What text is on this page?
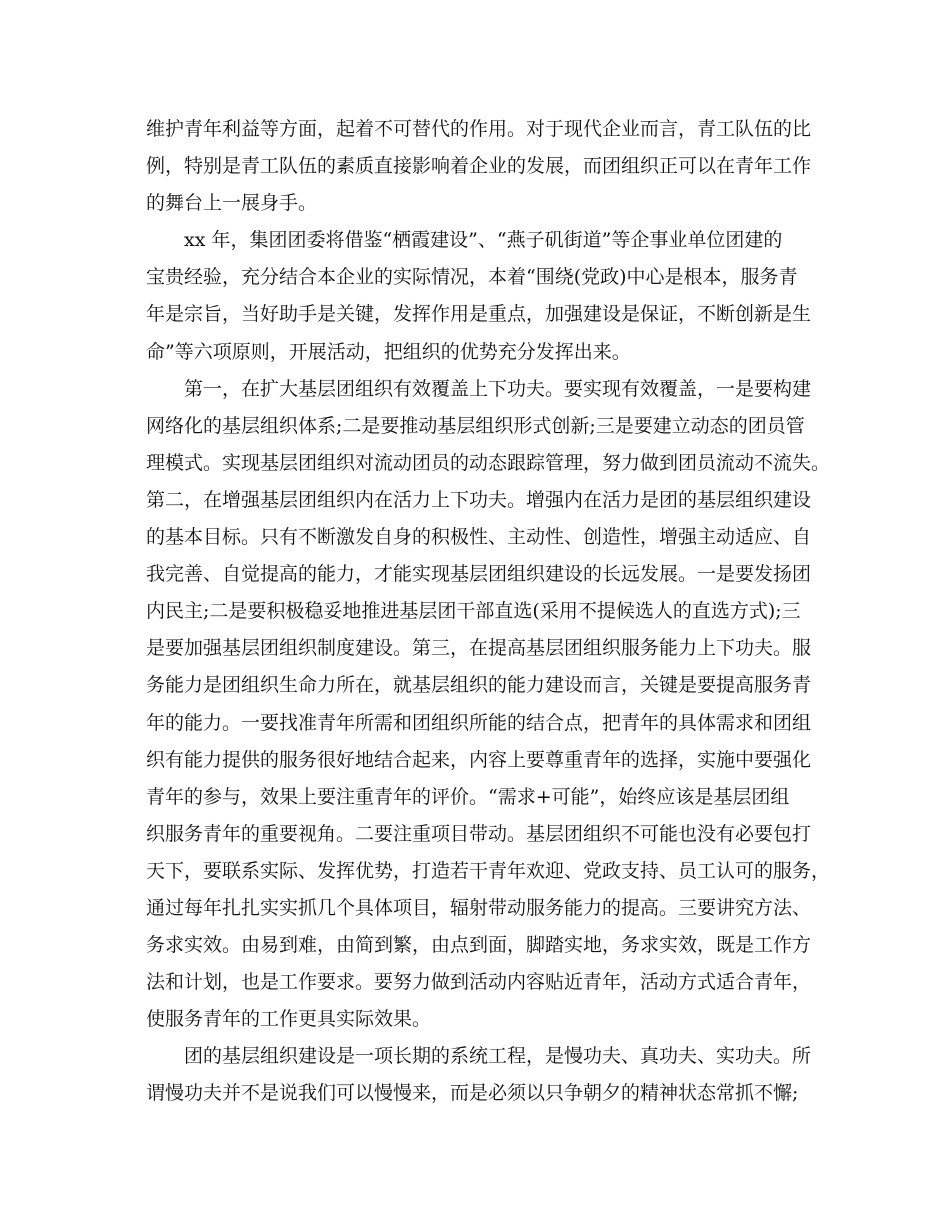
维护青年利益等方面，起着不可替代的作用。对于现代企业而言，青工队伍的比
例，特别是青工队伍的素质直接影响着企业的发展，而团组织正可以在青年工作
的舞台上一展身手。
xx 年，集团团委将借鉴“栖霞建设”、“燕子矶街道”等企事业单位团建的
宝贵经验，充分结合本企业的实际情况，本着“围绕(党政)中心是根本，服务青
年是宗旨，当好助手是关键，发挥作用是重点，加强建设是保证，不断创新是生
命”等六项原则，开展活动，把组织的优势充分发挥出来。
第一，在扩大基层团组织有效覆盖上下功夫。要实现有效覆盖，一是要构建
网络化的基层组织体系;二是要推动基层组织形式创新;三是要建立动态的团员管
理模式。实现基层团组织对流动团员的动态跟踪管理，努力做到团员流动不流失。
第二，在增强基层团组织内在活力上下功夫。增强内在活力是团的基层组织建设
的基本目标。只有不断激发自身的积极性、主动性、创造性，增强主动适应、自
我完善、自觉提高的能力，才能实现基层团组织建设的长远发展。一是要发扬团
内民主;二是要积极稳妥地推进基层团干部直选(采用不提候选人的直选方式);三
是要加强基层团组织制度建设。第三，在提高基层团组织服务能力上下功夫。服
务能力是团组织生命力所在，就基层组织的能力建设而言，关键是要提高服务青
年的能力。一要找准青年所需和团组织所能的结合点，把青年的具体需求和团组
织有能力提供的服务很好地结合起来，内容上要尊重青年的选择，实施中要强化
青年的参与，效果上要注重青年的评价。“需求+可能”，始终应该是基层团组
织服务青年的重要视角。二要注重项目带动。基层团组织不可能也没有必要包打
天下，要联系实际、发挥优势，打造若干青年欢迎、党政支持、员工认可的服务，
通过每年扎扎实实抓几个具体项目，辐射带动服务能力的提高。三要讲究方法、
务求实效。由易到难，由简到繁，由点到面，脚踏实地，务求实效，既是工作方
法和计划，也是工作要求。要努力做到活动内容贴近青年，活动方式适合青年，
使服务青年的工作更具实际效果。
团的基层组织建设是一项长期的系统工程，是慢功夫、真功夫、实功夫。所
谓慢功夫并不是说我们可以慢慢来，而是必须以只争朝夕的精神状态常抓不懈;
